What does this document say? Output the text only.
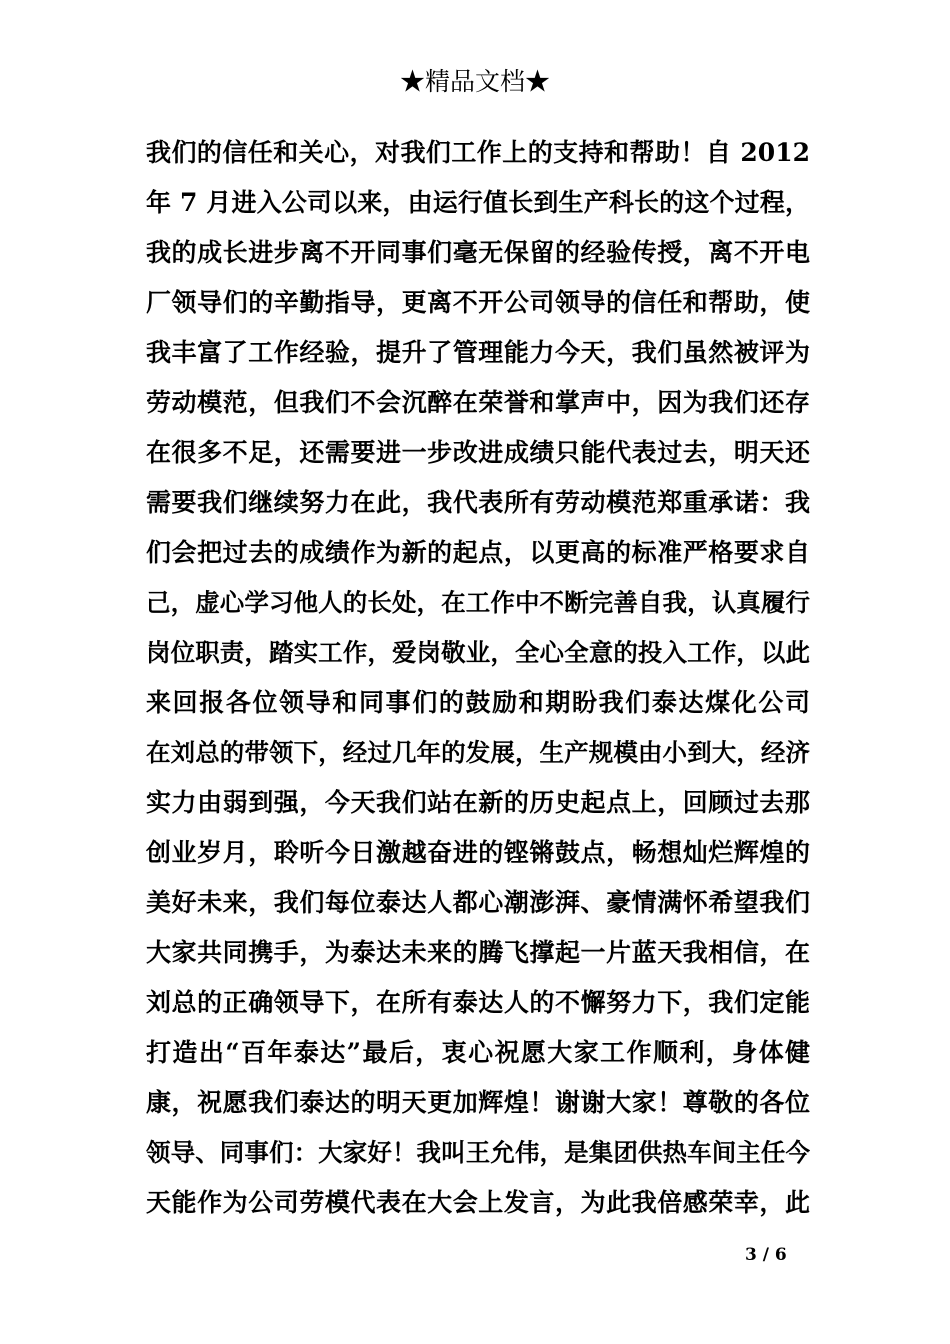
★精品文档★
我们的信任和关心，对我们工作上的支持和帮助！自 2012
年 7 月进入公司以来，由运行值长到生产科长的这个过程，
我的成长进步离不开同事们毫无保留的经验传授，离不开电
厂领导们的辛勤指导，更离不开公司领导的信任和帮助，使
我丰富了工作经验，提升了管理能力今天，我们虽然被评为
劳动模范，但我们不会沉醉在荣誉和掌声中，因为我们还存
在很多不足，还需要进一步改进成绩只能代表过去，明天还
需要我们继续努力在此，我代表所有劳动模范郑重承诺：我
们会把过去的成绩作为新的起点，以更高的标准严格要求自
己，虚心学习他人的长处，在工作中不断完善自我，认真履行
岗位职责，踏实工作，爱岗敬业，全心全意的投入工作，以此
来回报各位领导和同事们的鼓励和期盼我们泰达煤化公司
在刘总的带领下，经过几年的发展，生产规模由小到大，经济
实力由弱到强，今天我们站在新的历史起点上，回顾过去那
创业岁月，聆听今日激越奋进的铿锵鼓点，畅想灿烂辉煌的
美好未来，我们每位泰达人都心潮澎湃、豪情满怀希望我们
大家共同携手，为泰达未来的腾飞撑起一片蓝天我相信，在
刘总的正确领导下，在所有泰达人的不懈努力下，我们定能
打造出“百年泰达”最后，衷心祝愿大家工作顺利，身体健
康，祝愿我们泰达的明天更加辉煌！谢谢大家！尊敬的各位
领导、同事们：大家好！我叫王允伟，是集团供热车间主任今
天能作为公司劳模代表在大会上发言，为此我倍感荣幸，此
3 / 6
